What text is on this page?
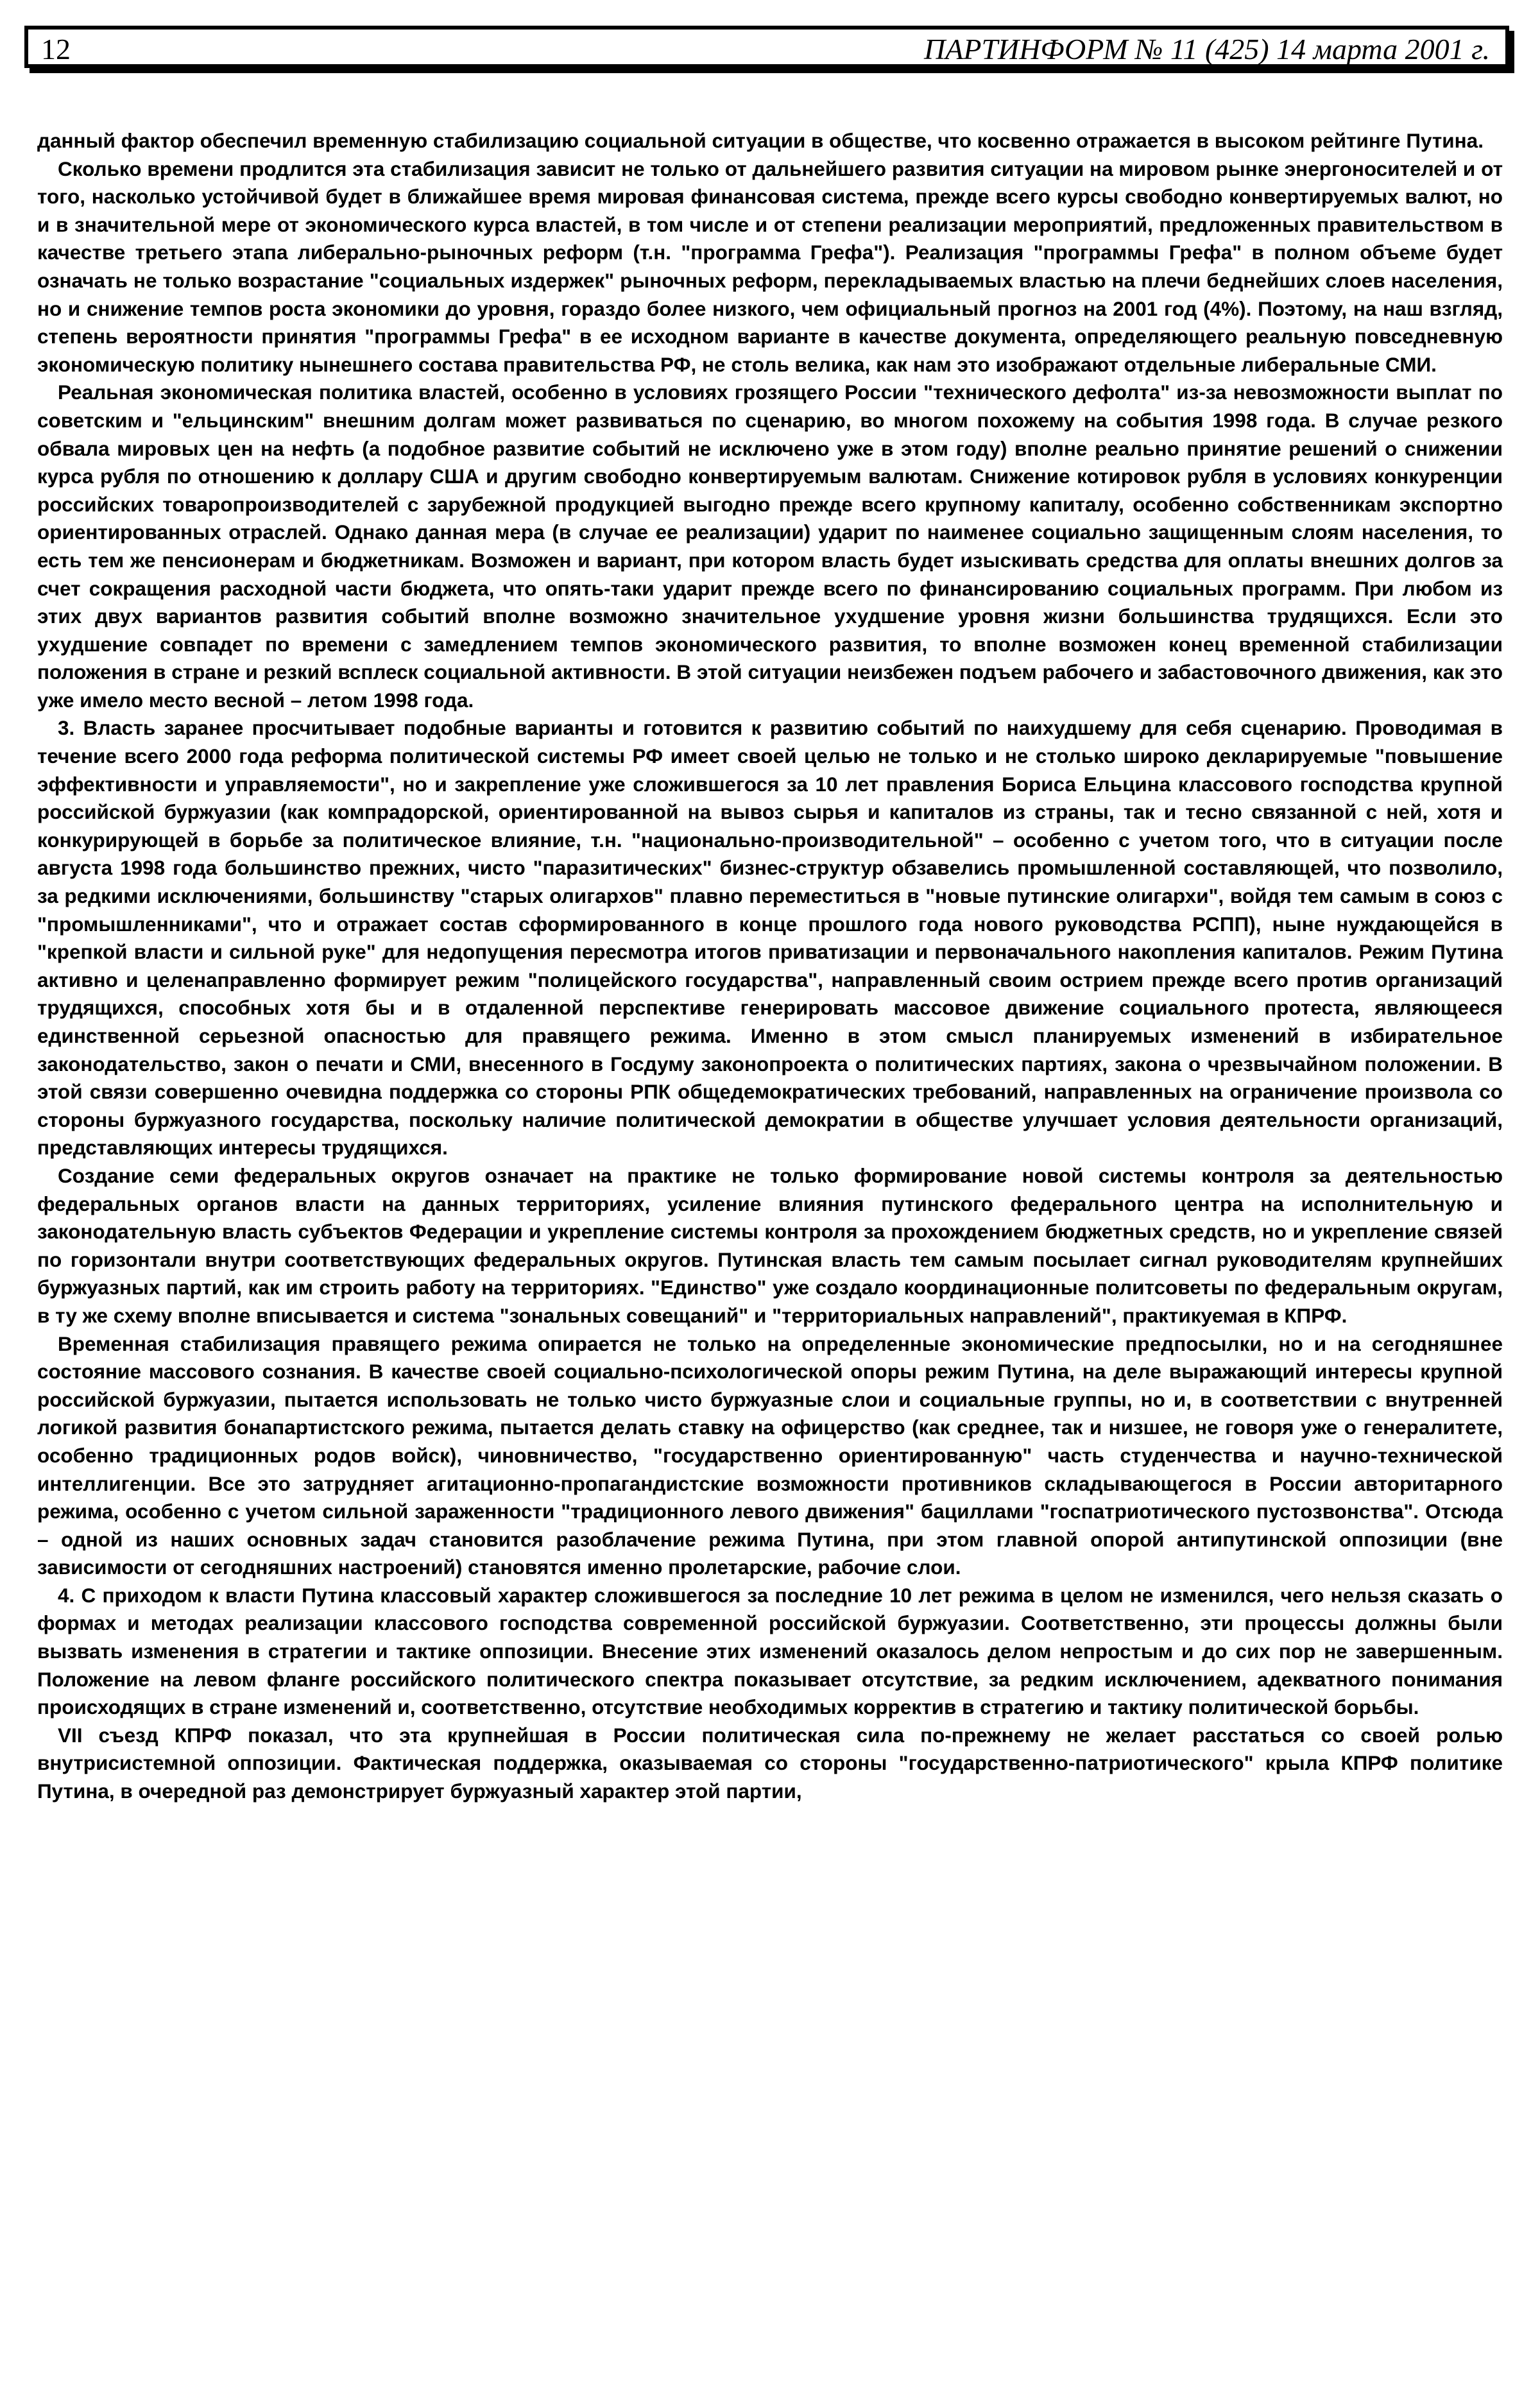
12	ПАРТИНФОРМ № 11 (425) 14 марта 2001 г.

данный фактор обеспечил временную стабилизацию социальной ситуации в обществе, что косвенно отражается в высоком рейтинге Путина.

Сколько времени продлится эта стабилизация зависит не только от дальнейшего развития ситуации на мировом рынке энергоносителей и от того, насколько устойчивой будет в ближайшее время мировая финансовая система, прежде всего курсы свободно конвертируемых валют, но и в значительной мере от экономического курса властей, в том числе и от степени реализации мероприятий, предложенных правительством в качестве третьего этапа либерально-рыночных реформ (т.н. "программа Грефа"). Реализация "программы Грефа" в полном объеме будет означать не только возрастание "социальных издержек" рыночных реформ, перекладываемых властью на плечи беднейших слоев населения, но и снижение темпов роста экономики до уровня, гораздо более низкого, чем официальный прогноз на 2001 год (4%). Поэтому, на наш взгляд, степень вероятности принятия "программы Грефа" в ее исходном варианте в качестве документа, определяющего реальную повседневную экономическую политику нынешнего состава правительства РФ, не столь велика, как нам это изображают отдельные либеральные СМИ.

Реальная экономическая политика властей, особенно в условиях грозящего России "технического дефолта" из-за невозможности выплат по советским и "ельцинским" внешним долгам может развиваться по сценарию, во многом похожему на события 1998 года. В случае резкого обвала мировых цен на нефть (а подобное развитие событий не исключено уже в этом году) вполне реально принятие решений о снижении курса рубля по отношению к доллару США и другим свободно конвертируемым валютам. Снижение котировок рубля в условиях конкуренции российских товаропроизводителей с зарубежной продукцией выгодно прежде всего крупному капиталу, особенно собственникам экспортно ориентированных отраслей. Однако данная мера (в случае ее реализации) ударит по наименее социально защищенным слоям населения, то есть тем же пенсионерам и бюджетникам. Возможен и вариант, при котором власть будет изыскивать средства для оплаты внешних долгов за счет сокращения расходной части бюджета, что опять-таки ударит прежде всего по финансированию социальных программ. При любом из этих двух вариантов развития событий вполне возможно значительное ухудшение уровня жизни большинства трудящихся. Если это ухудшение совпадет по времени с замедлением темпов экономического развития, то вполне возможен конец временной стабилизации положения в стране и резкий всплеск социальной активности. В этой ситуации неизбежен подъем рабочего и забастовочного движения, как это уже имело место весной – летом 1998 года.

3. Власть заранее просчитывает подобные варианты и готовится к развитию событий по наихудшему для себя сценарию. Проводимая в течение всего 2000 года реформа политической системы РФ имеет своей целью не только и не столько широко декларируемые "повышение эффективности и управляемости", но и закрепление уже сложившегося за 10 лет правления Бориса Ельцина классового господства крупной российской буржуазии (как компрадорской, ориентированной на вывоз сырья и капиталов из страны, так и тесно связанной с ней, хотя и конкурирующей в борьбе за политическое влияние, т.н. "национально-производительной" – особенно с учетом того, что в ситуации после августа 1998 года большинство прежних, чисто "паразитических" бизнес-структур обзавелись промышленной составляющей, что позволило, за редкими исключениями, большинству "старых олигархов" плавно переместиться в "новые путинские олигархи", войдя тем самым в союз с "промышленниками", что и отражает состав сформированного в конце прошлого года нового руководства РСПП), ныне нуждающейся в "крепкой власти и сильной руке" для недопущения пересмотра итогов приватизации и первоначального накопления капиталов. Режим Путина активно и целенаправленно формирует режим "полицейского государства", направленный своим острием прежде всего против организаций трудящихся, способных хотя бы и в отдаленной перспективе генерировать массовое движение социального протеста, являющееся единственной серьезной опасностью для правящего режима. Именно в этом смысл планируемых изменений в избирательное законодательство, закон о печати и СМИ, внесенного в Госдуму законопроекта о политических партиях, закона о чрезвычайном положении. В этой связи совершенно очевидна поддержка со стороны РПК общедемократических требований, направленных на ограничение произвола со стороны буржуазного государства, поскольку наличие политической демократии в обществе улучшает условия деятельности организаций, представляющих интересы трудящихся.

Создание семи федеральных округов означает на практике не только формирование новой системы контроля за деятельностью федеральных органов власти на данных территориях, усиление влияния путинского федерального центра на исполнительную и законодательную власть субъектов Федерации и укрепление системы контроля за прохождением бюджетных средств, но и укрепление связей по горизонтали внутри соответствующих федеральных округов. Путинская власть тем самым посылает сигнал руководителям крупнейших буржуазных партий, как им строить работу на территориях. "Единство" уже создало координационные политсоветы по федеральным округам, в ту же схему вполне вписывается и система "зональных совещаний" и "территориальных направлений", практикуемая в КПРФ.

Временная стабилизация правящего режима опирается не только на определенные экономические предпосылки, но и на сегодняшнее состояние массового сознания. В качестве своей социально-психологической опоры режим Путина, на деле выражающий интересы крупной российской буржуазии, пытается использовать не только чисто буржуазные слои и социальные группы, но и, в соответствии с внутренней логикой развития бонапартистского режима, пытается делать ставку на офицерство (как среднее, так и низшее, не говоря уже о генералитете, особенно традиционных родов войск), чиновничество, "государственно ориентированную" часть студенчества и научно-технической интеллигенции. Все это затрудняет агитационно-пропагандистские возможности противников складывающегося в России авторитарного режима, особенно с учетом сильной зараженности "традиционного левого движения" бациллами "госпатриотического пустозвонства". Отсюда – одной из наших основных задач становится разоблачение режима Путина, при этом главной опорой антипутинской оппозиции (вне зависимости от сегодняшних настроений) становятся именно пролетарские, рабочие слои.

4. С приходом к власти Путина классовый характер сложившегося за последние 10 лет режима в целом не изменился, чего нельзя сказать о формах и методах реализации классового господства современной российской буржуазии. Соответственно, эти процессы должны были вызвать изменения в стратегии и тактике оппозиции. Внесение этих изменений оказалось делом непростым и до сих пор не завершенным. Положение на левом фланге российского политического спектра показывает отсутствие, за редким исключением, адекватного понимания происходящих в стране изменений и, соответственно, отсутствие необходимых корректив в стратегию и тактику политической борьбы.

VII съезд КПРФ показал, что эта крупнейшая в России политическая сила по-прежнему не желает расстаться со своей ролью внутрисистемной оппозиции. Фактическая поддержка, оказываемая со стороны "государственно-патриотического" крыла КПРФ политике Путина, в очередной раз демонстрирует буржуазный характер этой партии,
